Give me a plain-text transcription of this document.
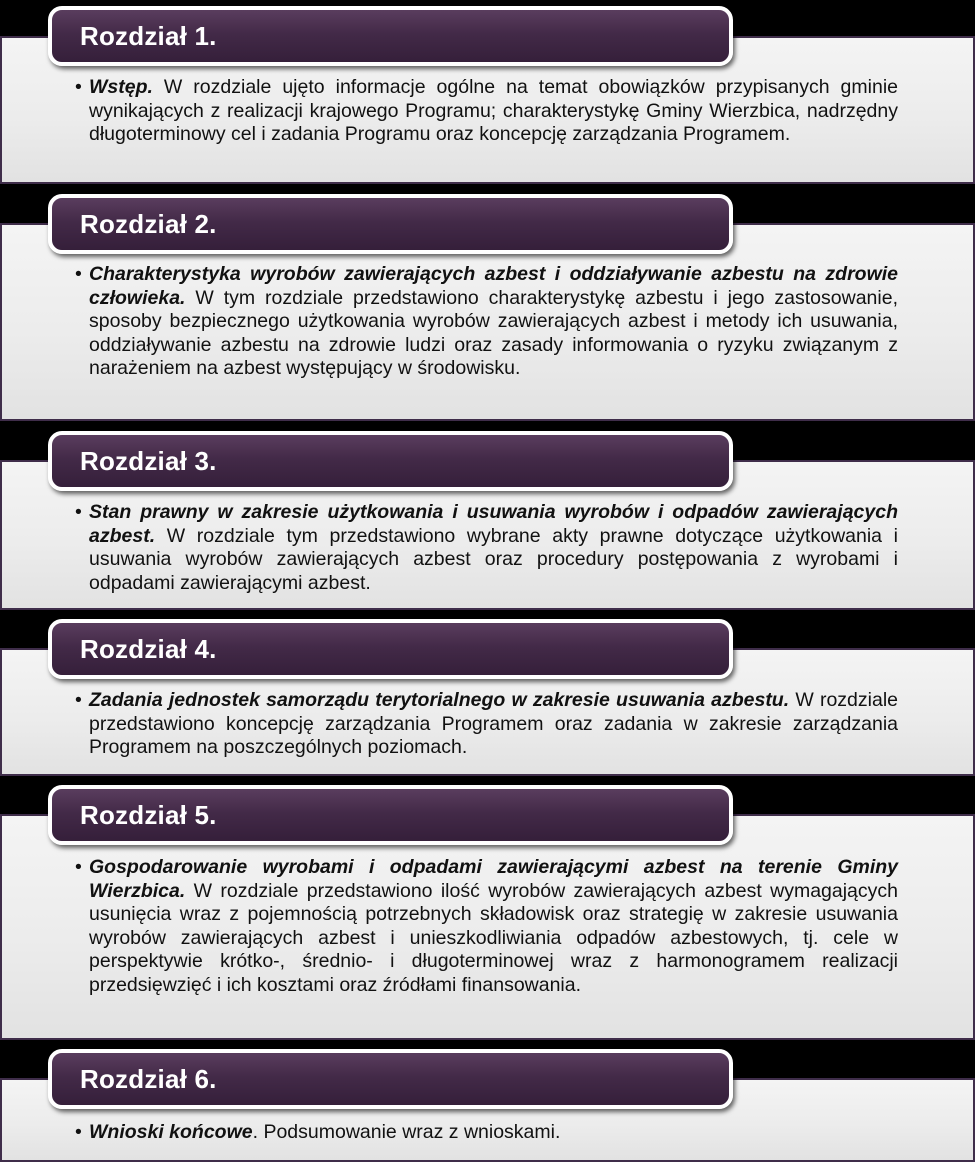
Rozdział 1.
• Wstęp. W rozdziale ujęto informacje ogólne na temat obowiązków przypisanych gminie wynikających z realizacji krajowego Programu; charakterystykę Gminy Wierzbica, nadrzędny długoterminowy cel i zadania Programu oraz koncepcję zarządzania Programem.
Rozdział 2.
• Charakterystyka wyrobów zawierających azbest i oddziaływanie azbestu na zdrowie człowieka. W tym rozdziale przedstawiono charakterystykę azbestu i jego zastosowanie, sposoby bezpiecznego użytkowania wyrobów zawierających azbest i metody ich usuwania, oddziaływanie azbestu na zdrowie ludzi oraz zasady informowania o ryzyku związanym z narażeniem na azbest występujący w środowisku.
Rozdział 3.
• Stan prawny w zakresie użytkowania i usuwania wyrobów i odpadów zawierających azbest. W rozdziale tym przedstawiono wybrane akty prawne dotyczące użytkowania i usuwania wyrobów zawierających azbest oraz procedury postępowania z wyrobami i odpadami zawierającymi azbest.
Rozdział 4.
• Zadania jednostek samorządu terytorialnego w zakresie usuwania azbestu. W rozdziale przedstawiono koncepcję zarządzania Programem oraz zadania w zakresie zarządzania Programem na poszczególnych poziomach.
Rozdział 5.
• Gospodarowanie wyrobami i odpadami zawierającymi azbest na terenie Gminy Wierzbica. W rozdziale przedstawiono ilość wyrobów zawierających azbest wymagających usunięcia wraz z pojemnością potrzebnych składowisk oraz strategię w zakresie usuwania wyrobów zawierających azbest i unieszkodliwiania odpadów azbestowych, tj. cele w perspektywie krótko-, średnio- i długoterminowej wraz z harmonogramem realizacji przedsięwzięć i ich kosztami oraz źródłami finansowania.
Rozdział 6.
• Wnioski końcowe. Podsumowanie wraz z wnioskami.
